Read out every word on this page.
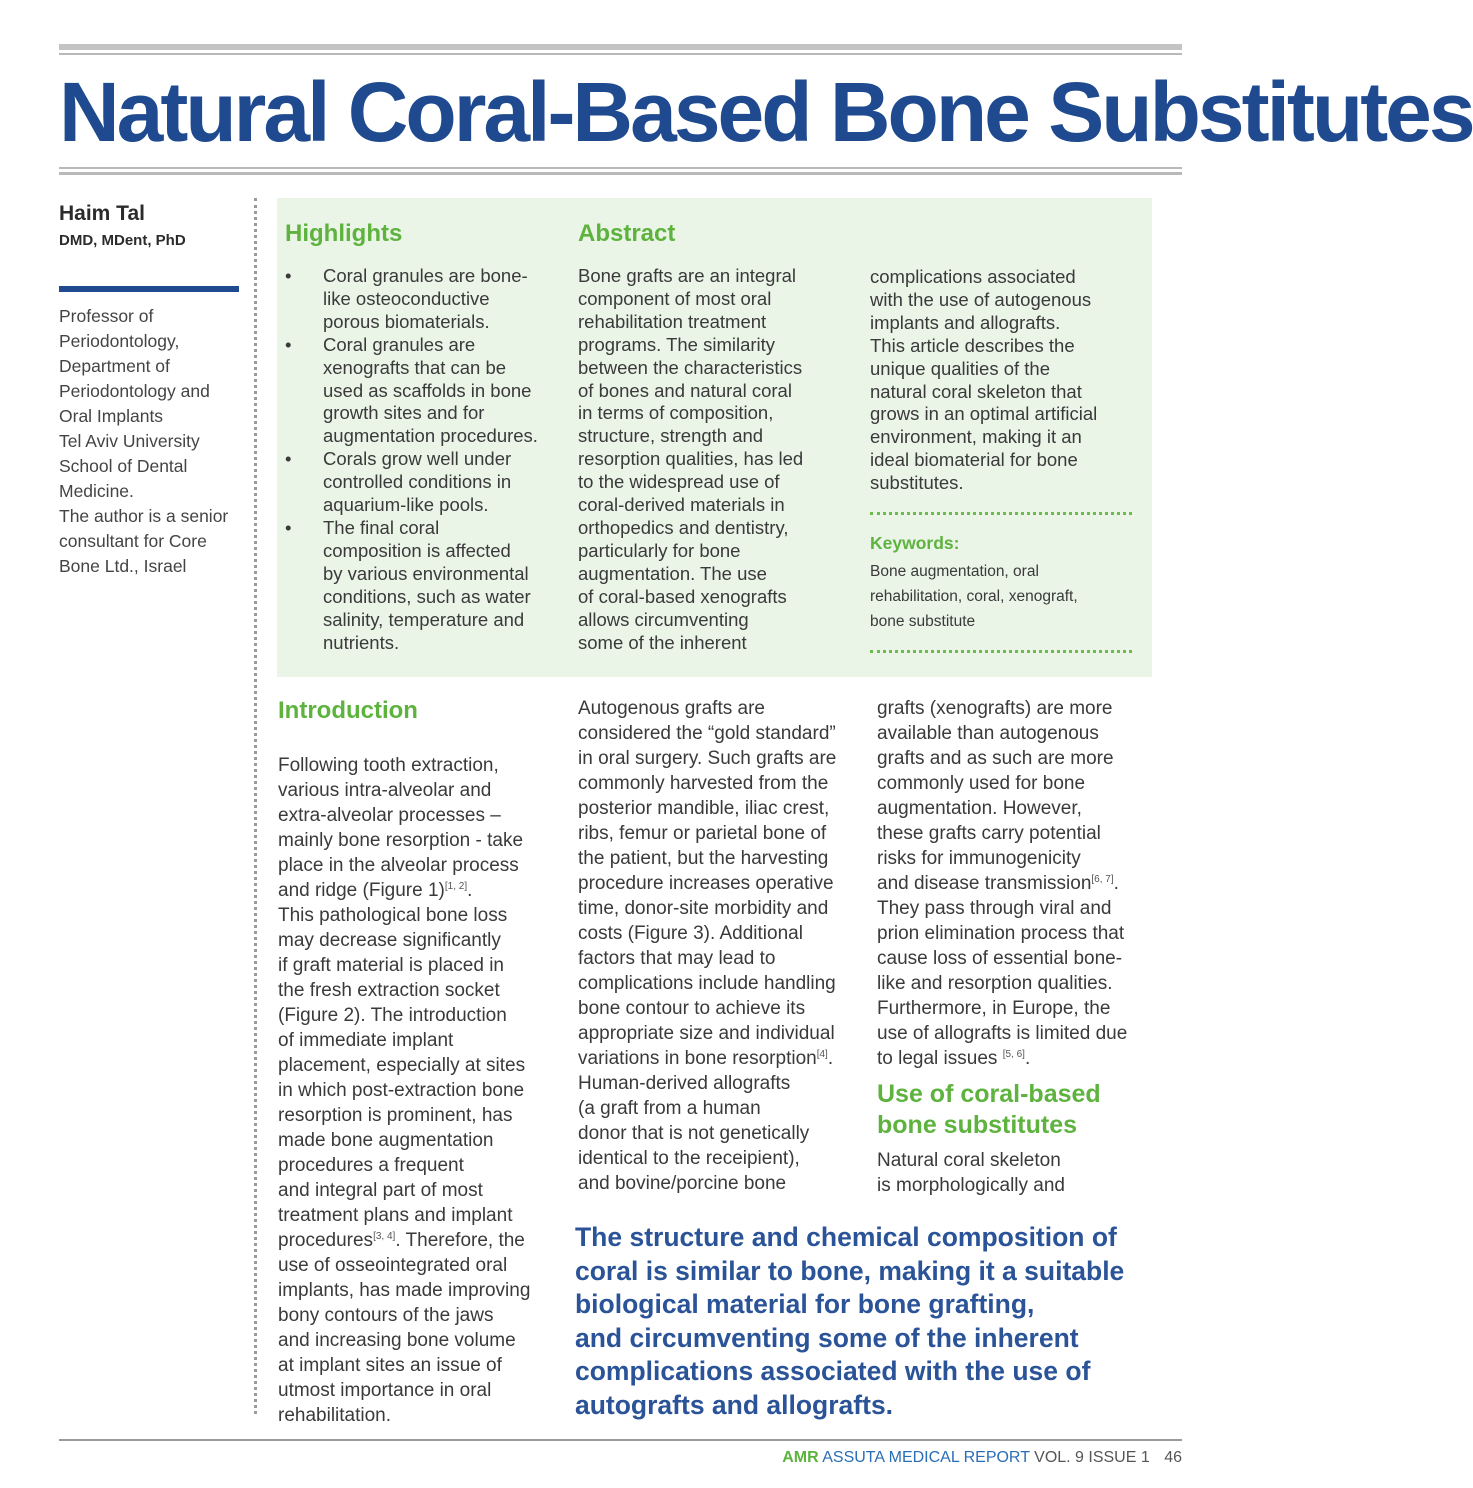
Natural Coral-Based Bone Substitutes
Haim Tal
DMD, MDent, PhD
Professor of
Periodontology,
Department of
Periodontology and
Oral Implants
Tel Aviv University
School of Dental
Medicine.
The author is a senior
consultant for Core
Bone Ltd., Israel
Highlights
• Coral granules are bone-
like osteoconductive
porous biomaterials.
• Coral granules are
xenografts that can be
used as scaffolds in bone
growth sites and for
augmentation procedures.
• Corals grow well under
controlled conditions in
aquarium-like pools.
• The final coral
composition is affected
by various environmental
conditions, such as water
salinity, temperature and
nutrients.
Abstract
Bone grafts are an integral
component of most oral
rehabilitation treatment
programs. The similarity
between the characteristics
of bones and natural coral
in terms of composition,
structure, strength and
resorption qualities, has led
to the widespread use of
coral-derived materials in
orthopedics and dentistry,
particularly for bone
augmentation. The use
of coral-based xenografts
allows circumventing
some of the inherent
complications associated
with the use of autogenous
implants and allografts.
This article describes the
unique qualities of the
natural coral skeleton that
grows in an optimal artificial
environment, making it an
ideal biomaterial for bone
substitutes.
Keywords:
Bone augmentation, oral
rehabilitation, coral, xenograft,
bone substitute
Introduction
Following tooth extraction,
various intra-alveolar and
extra-alveolar processes –
mainly bone resorption - take
place in the alveolar process
and ridge (Figure 1)[1, 2].
This pathological bone loss
may decrease significantly
if graft material is placed in
the fresh extraction socket
(Figure 2). The introduction
of immediate implant
placement, especially at sites
in which post-extraction bone
resorption is prominent, has
made bone augmentation
procedures a frequent
and integral part of most
treatment plans and implant
procedures[3, 4]. Therefore, the
use of osseointegrated oral
implants, has made improving
bony contours of the jaws
and increasing bone volume
at implant sites an issue of
utmost importance in oral
rehabilitation.
Autogenous grafts are
considered the “gold standard”
in oral surgery. Such grafts are
commonly harvested from the
posterior mandible, iliac crest,
ribs, femur or parietal bone of
the patient, but the harvesting
procedure increases operative
time, donor-site morbidity and
costs (Figure 3). Additional
factors that may lead to
complications include handling
bone contour to achieve its
appropriate size and individual
variations in bone resorption[4].
Human-derived allografts
(a graft from a human
donor that is not genetically
identical to the receipient),
and bovine/porcine bone
grafts (xenografts) are more
available than autogenous
grafts and as such are more
commonly used for bone
augmentation. However,
these grafts carry potential
risks for immunogenicity
and disease transmission[6, 7].
They pass through viral and
prion elimination process that
cause loss of essential bone-
like and resorption qualities.
Furthermore, in Europe, the
use of allografts is limited due
to legal issues [5, 6].
Use of coral-based
bone substitutes
Natural coral skeleton
is morphologically and
The structure and chemical composition of
coral is similar to bone, making it a suitable
biological material for bone grafting,
and circumventing some of the inherent
complications associated with the use of
autografts and allografts.
AMR ASSUTA MEDICAL REPORT VOL. 9 ISSUE 1 46
